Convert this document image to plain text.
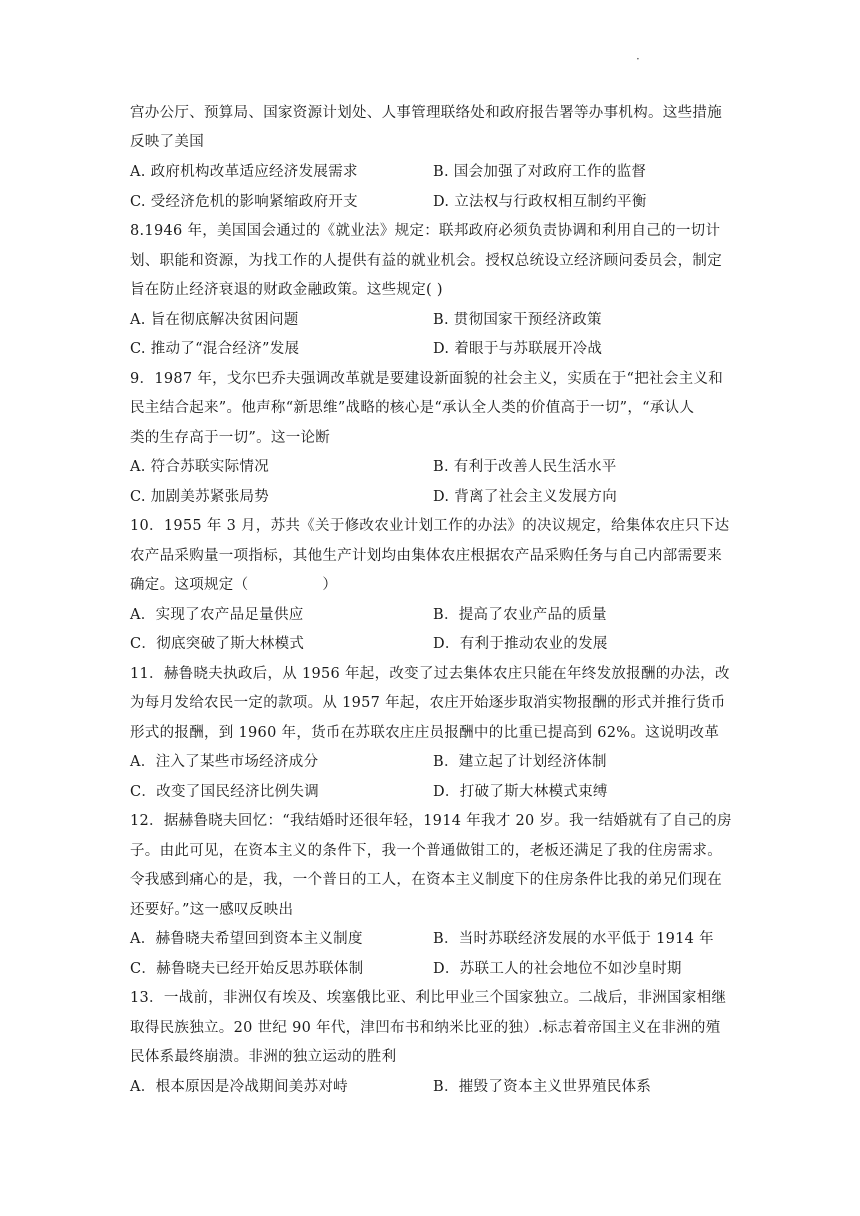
·
宫办公厅、预算局、国家资源计划处、人事管理联络处和政府报告署等办事机构。这些措施
反映了美国
A. 政府机构改革适应经济发展需求	B. 国会加强了对政府工作的监督
C. 受经济危机的影响紧缩政府开支	D. 立法权与行政权相互制约平衡
8.1946 年，美国国会通过的《就业法》规定：联邦政府必须负责协调和利用自己的一切计
划、职能和资源，为找工作的人提供有益的就业机会。授权总统设立经济顾问委员会，制定
旨在防止经济衰退的财政金融政策。这些规定( )
A. 旨在彻底解决贫困问题	B. 贯彻国家干预经济政策
C. 推动了“混合经济”发展	D. 着眼于与苏联展开冷战
9．1987 年，戈尔巴乔夫强调改革就是要建设新面貌的社会主义，实质在于“把社会主义和
民主结合起来”。他声称“新思维”战略的核心是“承认全人类的价值高于一切”，“承认人
类的生存高于一切”。这一论断
A. 符合苏联实际情况	B. 有利于改善人民生活水平
C. 加剧美苏紧张局势	D. 背离了社会主义发展方向
10．1955 年 3 月，苏共《关于修改农业计划工作的办法》的决议规定，给集体农庄只下达
农产品采购量一项指标，其他生产计划均由集体农庄根据农产品采购任务与自己内部需要来
确定。这项规定（　　　　　）
A．实现了农产品足量供应	B．提高了农业产品的质量
C．彻底突破了斯大林模式	D．有利于推动农业的发展
11．赫鲁晓夫执政后，从 1956 年起，改变了过去集体农庄只能在年终发放报酬的办法，改
为每月发给农民一定的款项。从 1957 年起，农庄开始逐步取消实物报酬的形式并推行货币
形式的报酬，到 1960 年，货币在苏联农庄庄员报酬中的比重已提高到 62%。这说明改革
A．注入了某些市场经济成分	B．建立起了计划经济体制
C．改变了国民经济比例失调	D．打破了斯大林模式束缚
12．据赫鲁晓夫回忆：“我结婚时还很年轻，1914 年我才 20 岁。我一结婚就有了自己的房
子。由此可见，在资本主义的条件下，我一个普通做钳工的，老板还满足了我的住房需求。
令我感到痛心的是，我，一个普日的工人，在资本主义制度下的住房条件比我的弟兄们现在
还要好。”这一感叹反映出
A．赫鲁晓夫希望回到资本主义制度	B．当时苏联经济发展的水平低于 1914 年
C．赫鲁晓夫已经开始反思苏联体制	D．苏联工人的社会地位不如沙皇时期
13．一战前，非洲仅有埃及、埃塞俄比亚、利比甲业三个国家独立。二战后，非洲国家相继
取得民族独立。20 世纪 90 年代，津凹布书和纳米比亚的独）.标志着帝国主义在非洲的殖
民体系最终崩溃。非洲的独立运动的胜利
A．根本原因是冷战期间美苏对峙	B．摧毁了资本主义世界殖民体系
